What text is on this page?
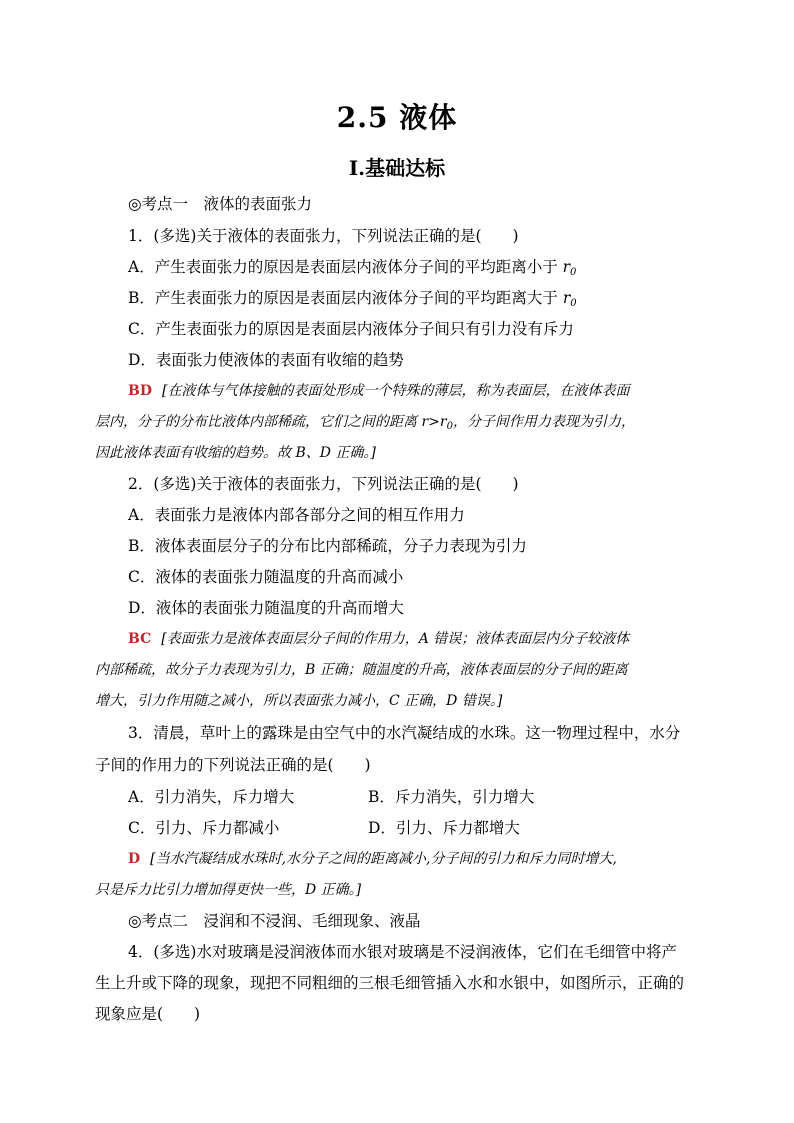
2.5 液体
Ⅰ.基础达标
◎考点一　液体的表面张力
1．(多选)关于液体的表面张力，下列说法正确的是(　　)
A．产生表面张力的原因是表面层内液体分子间的平均距离小于 $r_0$
B．产生表面张力的原因是表面层内液体分子间的平均距离大于 $r_0$
C．产生表面张力的原因是表面层内液体分子间只有引力没有斥力
D．表面张力使液体的表面有收缩的趋势
BD [在液体与气体接触的表面处形成一个特殊的薄层，称为表面层，在液体表面
层内，分子的分布比液体内部稀疏，它们之间的距离 $r>r_0$，分子间作用力表现为引力，
因此液体表面有收缩的趋势。故 B、D 正确。]
2．(多选)关于液体的表面张力，下列说法正确的是(　　)
A．表面张力是液体内部各部分之间的相互作用力
B．液体表面层分子的分布比内部稀疏，分子力表现为引力
C．液体的表面张力随温度的升高而减小
D．液体的表面张力随温度的升高而增大
BC [表面张力是液体表面层分子间的作用力，A 错误；液体表面层内分子较液体
内部稀疏，故分子力表现为引力，B 正确；随温度的升高，液体表面层的分子间的距离
增大，引力作用随之减小，所以表面张力减小，C 正确，D 错误。]
3．清晨，草叶上的露珠是由空气中的水汽凝结成的水珠。这一物理过程中，水分
子间的作用力的下列说法正确的是(　　)
A．引力消失，斥力增大	B．斥力消失，引力增大
C．引力、斥力都减小	D．引力、斥力都增大
D [当水汽凝结成水珠时,水分子之间的距离减小,分子间的引力和斥力同时增大,
只是斥力比引力增加得更快一些，D 正确。]
◎考点二　浸润和不浸润、毛细现象、液晶
4．(多选)水对玻璃是浸润液体而水银对玻璃是不浸润液体，它们在毛细管中将产
生上升或下降的现象，现把不同粗细的三根毛细管插入水和水银中，如图所示，正确的
现象应是(　　)
